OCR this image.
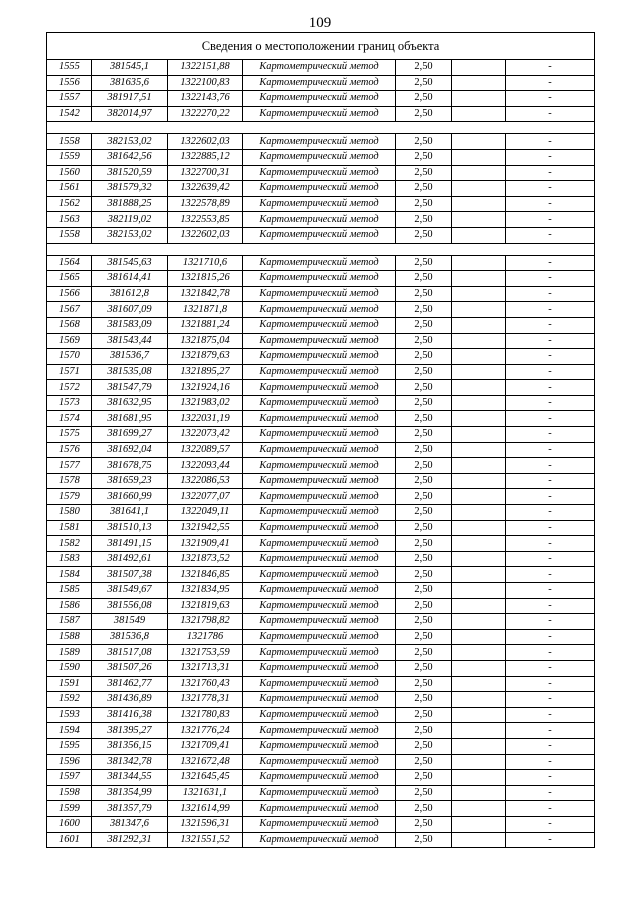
109
Сведения о местоположении границ объекта						
1555	381545,1	1322151,88	Картометрический метод	2,50		-
1556	381635,6	1322100,83	Картометрический метод	2,50		-
1557	381917,51	1322143,76	Картометрический метод	2,50		-
1542	382014,97	1322270,22	Картометрический метод	2,50		-

1558	382153,02	1322602,03	Картометрический метод	2,50		-
1559	381642,56	1322885,12	Картометрический метод	2,50		-
1560	381520,59	1322700,31	Картометрический метод	2,50		-
1561	381579,32	1322639,42	Картометрический метод	2,50		-
1562	381888,25	1322578,89	Картометрический метод	2,50		-
1563	382119,02	1322553,85	Картометрический метод	2,50		-
1558	382153,02	1322602,03	Картометрический метод	2,50		-

1564	381545,63	1321710,6	Картометрический метод	2,50		-
1565	381614,41	1321815,26	Картометрический метод	2,50		-
1566	381612,8	1321842,78	Картометрический метод	2,50		-
1567	381607,09	1321871,8	Картометрический метод	2,50		-
1568	381583,09	1321881,24	Картометрический метод	2,50		-
1569	381543,44	1321875,04	Картометрический метод	2,50		-
1570	381536,7	1321879,63	Картометрический метод	2,50		-
1571	381535,08	1321895,27	Картометрический метод	2,50		-
1572	381547,79	1321924,16	Картометрический метод	2,50		-
1573	381632,95	1321983,02	Картометрический метод	2,50		-
1574	381681,95	1322031,19	Картометрический метод	2,50		-
1575	381699,27	1322073,42	Картометрический метод	2,50		-
1576	381692,04	1322089,57	Картометрический метод	2,50		-
1577	381678,75	1322093,44	Картометрический метод	2,50		-
1578	381659,23	1322086,53	Картометрический метод	2,50		-
1579	381660,99	1322077,07	Картометрический метод	2,50		-
1580	381641,1	1322049,11	Картометрический метод	2,50		-
1581	381510,13	1321942,55	Картометрический метод	2,50		-
1582	381491,15	1321909,41	Картометрический метод	2,50		-
1583	381492,61	1321873,52	Картометрический метод	2,50		-
1584	381507,38	1321846,85	Картометрический метод	2,50		-
1585	381549,67	1321834,95	Картометрический метод	2,50		-
1586	381556,08	1321819,63	Картометрический метод	2,50		-
1587	381549	1321798,82	Картометрический метод	2,50		-
1588	381536,8	1321786	Картометрический метод	2,50		-
1589	381517,08	1321753,59	Картометрический метод	2,50		-
1590	381507,26	1321713,31	Картометрический метод	2,50		-
1591	381462,77	1321760,43	Картометрический метод	2,50		-
1592	381436,89	1321778,31	Картометрический метод	2,50		-
1593	381416,38	1321780,83	Картометрический метод	2,50		-
1594	381395,27	1321776,24	Картометрический метод	2,50		-
1595	381356,15	1321709,41	Картометрический метод	2,50		-
1596	381342,78	1321672,48	Картометрический метод	2,50		-
1597	381344,55	1321645,45	Картометрический метод	2,50		-
1598	381354,99	1321631,1	Картометрический метод	2,50		-
1599	381357,79	1321614,99	Картометрический метод	2,50		-
1600	381347,6	1321596,31	Картометрический метод	2,50		-
1601	381292,31	1321551,52	Картометрический метод	2,50		-
